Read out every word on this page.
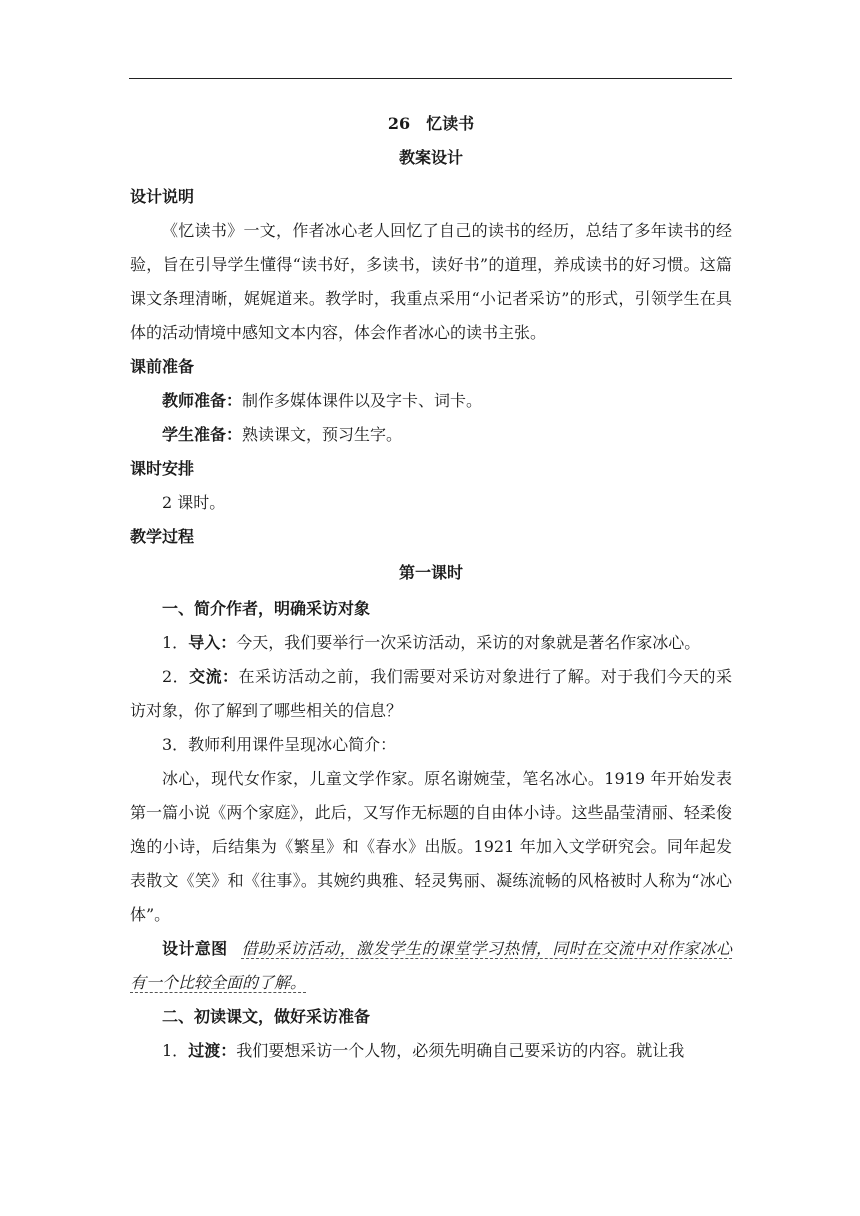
26　忆读书
教案设计
设计说明

《忆读书》一文，作者冰心老人回忆了自己的读书的经历，总结了多年读书的经验，旨在引导学生懂得“读书好，多读书，读好书”的道理，养成读书的好习惯。这篇课文条理清晰，娓娓道来。教学时，我重点采用“小记者采访”的形式，引领学生在具体的活动情境中感知文本内容，体会作者冰心的读书主张。

课前准备

教师准备：制作多媒体课件以及字卡、词卡。

学生准备：熟读课文，预习生字。

课时安排

2 课时。

教学过程
第一课时
一、简介作者，明确采访对象

1．导入：今天，我们要举行一次采访活动，采访的对象就是著名作家冰心。

2．交流：在采访活动之前，我们需要对采访对象进行了解。对于我们今天的采访对象，你了解到了哪些相关的信息？

3．教师利用课件呈现冰心简介：

冰心，现代女作家，儿童文学作家。原名谢婉莹，笔名冰心。1919 年开始发表第一篇小说《两个家庭》，此后，又写作无标题的自由体小诗。这些晶莹清丽、轻柔俊逸的小诗，后结集为《繁星》和《春水》出版。1921 年加入文学研究会。同年起发表散文《笑》和《往事》。其婉约典雅、轻灵隽丽、凝练流畅的风格被时人称为“冰心体”。

设计意图 借助采访活动，激发学生的课堂学习热情，同时在交流中对作家冰心有一个比较全面的了解。
二、初读课文，做好采访准备

1．过渡：我们要想采访一个人物，必须先明确自己要采访的内容。就让我
